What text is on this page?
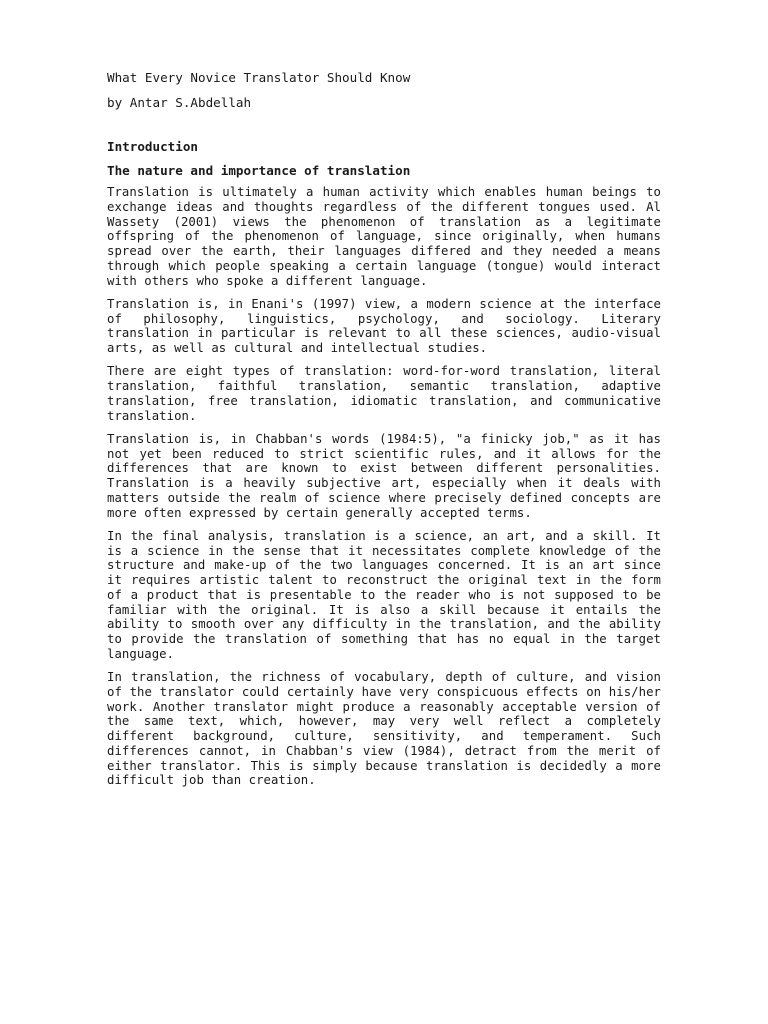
What Every Novice Translator Should Know

by Antar S.Abdellah

Introduction
The nature and importance of translation

Translation is ultimately a human activity which enables human beings to exchange ideas and thoughts regardless of the different tongues used. Al Wassety (2001) views the phenomenon of translation as a legitimate offspring of the phenomenon of language, since originally, when humans spread over the earth, their languages differed and they needed a means through which people speaking a certain language (tongue) would interact with others who spoke a different language.

Translation is, in Enani's (1997) view, a modern science at the interface of philosophy, linguistics, psychology, and sociology. Literary translation in particular is relevant to all these sciences, audio-visual arts, as well as cultural and intellectual studies.

There are eight types of translation: word-for-word translation, literal translation, faithful translation, semantic translation, adaptive translation, free translation, idiomatic translation, and communicative translation.

Translation is, in Chabban's words (1984:5), "a finicky job," as it has not yet been reduced to strict scientific rules, and it allows for the differences that are known to exist between different personalities. Translation is a heavily subjective art, especially when it deals with matters outside the realm of science where precisely defined concepts are more often expressed by certain generally accepted terms.

In the final analysis, translation is a science, an art, and a skill. It is a science in the sense that it necessitates complete knowledge of the structure and make-up of the two languages concerned. It is an art since it requires artistic talent to reconstruct the original text in the form of a product that is presentable to the reader who is not supposed to be familiar with the original. It is also a skill because it entails the ability to smooth over any difficulty in the translation, and the ability to provide the translation of something that has no equal in the target language.

In translation, the richness of vocabulary, depth of culture, and vision of the translator could certainly have very conspicuous effects on his/her work. Another translator might produce a reasonably acceptable version of the same text, which, however, may very well reflect a completely different background, culture, sensitivity, and temperament. Such differences cannot, in Chabban's view (1984), detract from the merit of either translator. This is simply because translation is decidedly a more difficult job than creation.
